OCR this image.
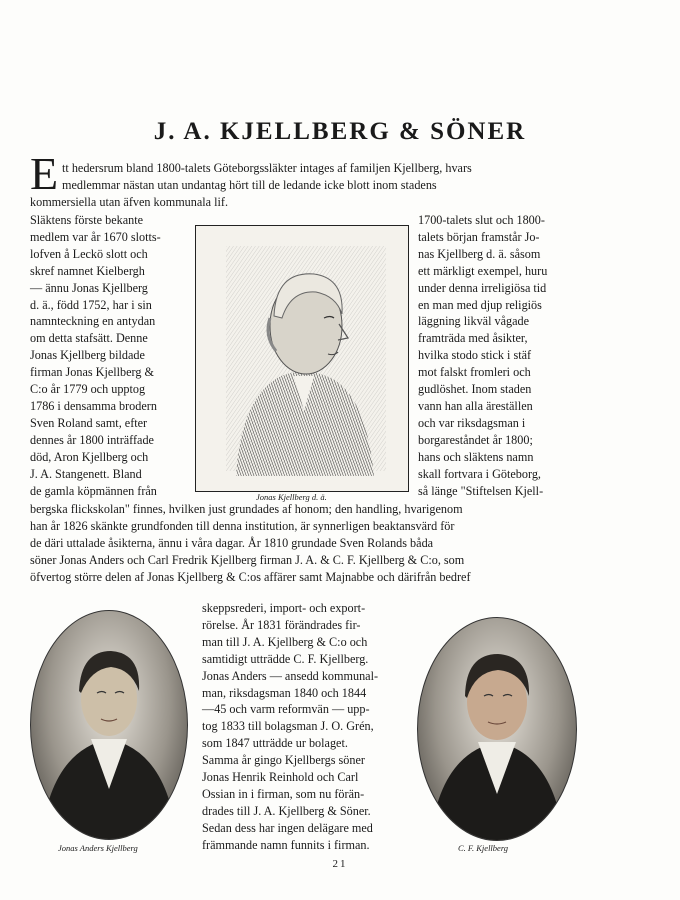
J. A. KJELLBERG & SÖNER
E tt hedersrum bland 1800-talets Göteborgssläkter intages af familjen Kjellberg, hvars
medlemmar nästan utan undantag hört till de ledande icke blott inom stadens
kommersiella utan äfven kommunala lif.
Släktens förste bekante
medlem var år 1670 slotts-
lofven å Leckö slott och
skref namnet Kielbergh
— ännu Jonas Kjellberg
d. ä., född 1752, har i sin
namnteckning en antydan
om detta stafsätt. Denne
Jonas Kjellberg bildade
firman Jonas Kjellberg &
C:o år 1779 och upptog
1786 i densamma brodern
Sven Roland samt, efter
dennes år 1800 inträffade
död, Aron Kjellberg och
J. A. Stangenett. Bland
de gamla köpmännen från	Jonas Kjellberg d. ä.
1700-talets slut och 1800-
talets början framstår Jo-
nas Kjellberg d. ä. såsom
ett märkligt exempel, huru
under denna irreligiösa tid
en man med djup religiös
läggning likväl vågade
framträda med åsikter,
hvilka stodo stick i stäf
mot falskt fromleri och
gudlöshet. Inom staden
vann han alla äreställen
och var riksdagsman i
borgareståndet år 1800;
hans och släktens namn
skall fortvara i Göteborg,
så länge "Stiftelsen Kjell-
bergska flickskolan" finnes, hvilken just grundades af honom; den handling, hvarigenom
han år 1826 skänkte grundfonden till denna institution, är synnerligen beaktansvärd för
de däri uttalade åsikterna, ännu i våra dagar. År 1810 grundade Sven Rolands båda
söner Jonas Anders och Carl Fredrik Kjellberg firman J. A. & C. F. Kjellberg & C:o, som
öfvertog större delen af Jonas Kjellberg & C:os affärer samt Majnabbe och därifrån bedref
Jonas Anders Kjellberg
skeppsrederi, import- och export-
rörelse. År 1831 förändrades fir-
man till J. A. Kjellberg & C:o och
samtidigt utträdde C. F. Kjellberg.
Jonas Anders — ansedd kommunal-
man, riksdagsman 1840 och 1844
—45 och varm reformvän — upp-
tog 1833 till bolagsman J. O. Grén,
som 1847 utträdde ur bolaget.
Samma år gingo Kjellbergs söner
Jonas Henrik Reinhold och Carl
Ossian in i firman, som nu förän-
drades till J. A. Kjellberg & Söner.
Sedan dess har ingen delägare med
främmande namn funnits i firman.	C. F. Kjellberg
21
